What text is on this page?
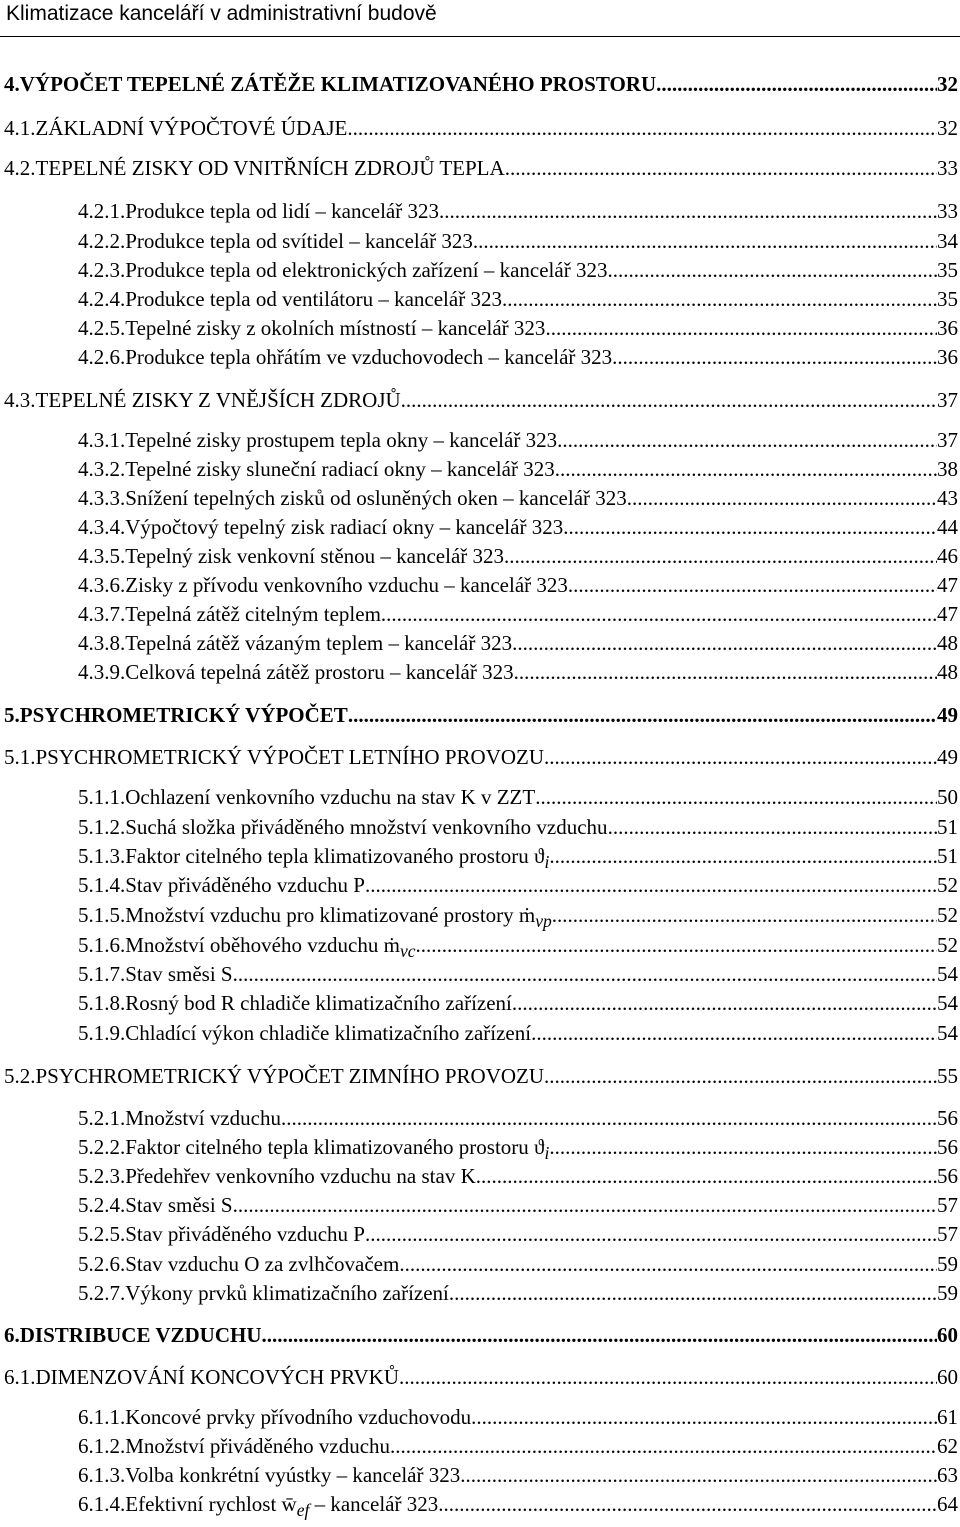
Klimatizace kanceláří v administrativní budově
4. VÝPOČET TEPELNÉ ZÁTĚŽE KLIMATIZOVANÉHO PROSTORU .....	32
4.1. ZÁKLADNÍ VÝPOČTOVÉ ÚDAJE .....	32
4.2. TEPELNÉ ZISKY OD VNITŘNÍCH ZDROJŮ TEPLA .....	33
4.2.1. Produkce tepla od lidí – kancelář 323 .....	33
4.2.2. Produkce tepla od svítidel – kancelář 323 .....	34
4.2.3. Produkce tepla od elektronických zařízení – kancelář 323 .....	35
4.2.4. Produkce tepla od ventilátoru – kancelář 323 .....	35
4.2.5. Tepelné zisky z okolních místností – kancelář 323 .....	36
4.2.6. Produkce tepla ohřátím ve vzduchovodech – kancelář 323 .....	36
4.3. TEPELNÉ ZISKY Z VNĚJŠÍCH ZDROJŮ .....	37
4.3.1. Tepelné zisky prostupem tepla okny – kancelář 323 .....	37
4.3.2. Tepelné zisky sluneční radiací okny – kancelář 323 .....	38
4.3.3. Snížení tepelných zisků od osluněných oken – kancelář 323 .....	43
4.3.4. Výpočtový tepelný zisk radiací okny – kancelář 323 .....	44
4.3.5. Tepelný zisk venkovní stěnou – kancelář 323 .....	46
4.3.6. Zisky z přívodu venkovního vzduchu – kancelář 323 .....	47
4.3.7. Tepelná zátěž citelným teplem .....	47
4.3.8. Tepelná zátěž vázaným teplem – kancelář 323 .....	48
4.3.9. Celková tepelná zátěž prostoru – kancelář 323 .....	48
5. PSYCHROMETRICKÝ VÝPOČET .....	49
5.1. PSYCHROMETRICKÝ VÝPOČET LETNÍHO PROVOZU .....	49
5.1.1. Ochlazení venkovního vzduchu na stav K v ZZT .....	50
5.1.2. Suchá složka přiváděného množství venkovního vzduchu .....	51
5.1.3. Faktor citelného tepla klimatizovaného prostoru $ϑ_i$ .....	51
5.1.4. Stav přiváděného vzduchu P .....	52
5.1.5. Množství vzduchu pro klimatizované prostory ṁ$_{vp}$ .....	52
5.1.6. Množství oběhového vzduchu ṁ$_{vc}$ .....	52
5.1.7. Stav směsi S .....	54
5.1.8. Rosný bod R chladiče klimatizačního zařízení .....	54
5.1.9. Chladící výkon chladiče klimatizačního zařízení .....	54
5.2. PSYCHROMETRICKÝ VÝPOČET ZIMNÍHO PROVOZU .....	55
5.2.1. Množství vzduchu .....	56
5.2.2. Faktor citelného tepla klimatizovaného prostoru $ϑ_i$ .....	56
5.2.3. Předehřev venkovního vzduchu na stav K .....	56
5.2.4. Stav směsi S .....	57
5.2.5. Stav přiváděného vzduchu P .....	57
5.2.6. Stav vzduchu O za zvlhčovačem .....	59
5.2.7. Výkony prvků klimatizačního zařízení .....	59
6. DISTRIBUCE VZDUCHU .....	60
6.1. DIMENZOVÁNÍ KONCOVÝCH PRVKŮ .....	60
6.1.1. Koncové prvky přívodního vzduchovodu .....	61
6.1.2. Množství přiváděného vzduchu .....	62
6.1.3. Volba konkrétní vyústky – kancelář 323 .....	63
6.1.4. Efektivní rychlost $w̄_{ef}$ – kancelář 323 .....	64
